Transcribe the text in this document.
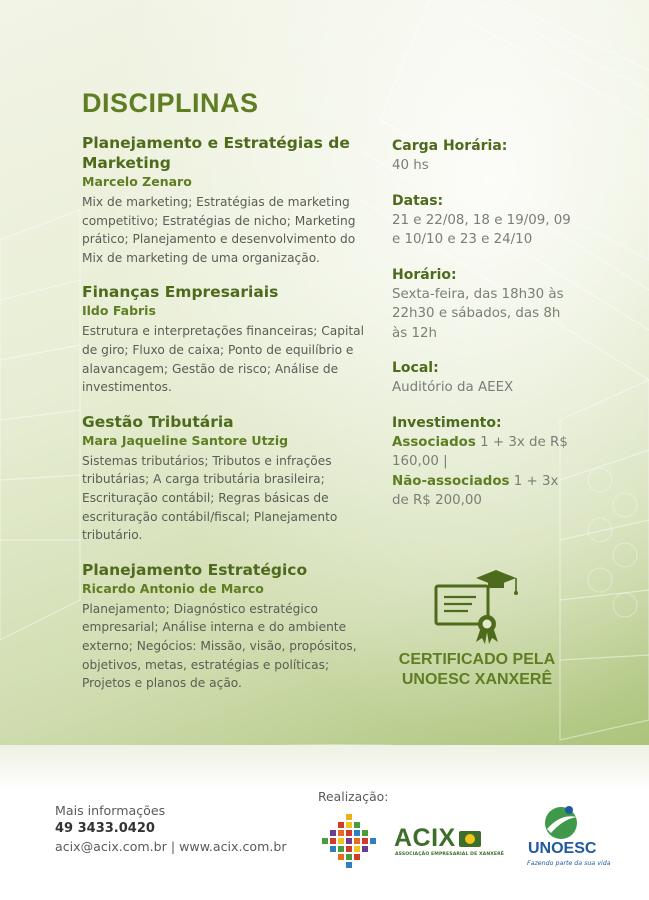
DISCIPLINAS
Planejamento e Estratégias de Marketing
Marcelo Zenaro
Mix de marketing; Estratégias de marketing competitivo; Estratégias de nicho; Marketing prático; Planejamento e desenvolvimento do Mix de marketing de uma organização.
Finanças Empresariais
Ildo Fabris
Estrutura e interpretações financeiras; Capital de giro; Fluxo de caixa; Ponto de equilíbrio e alavancagem; Gestão de risco; Análise de investimentos.
Gestão Tributária
Mara Jaqueline Santore Utzig
Sistemas tributários; Tributos e infrações tributárias; A carga tributária brasileira; Escrituração contábil; Regras básicas de escrituração contábil/fiscal; Planejamento tributário.
Planejamento Estratégico
Ricardo Antonio de Marco
Planejamento; Diagnóstico estratégico empresarial; Análise interna e do ambiente externo; Negócios: Missão, visão, propósitos, objetivos, metas, estratégias e políticas; Projetos e planos de ação.
Carga Horária:
40 hs
Datas:
21 e 22/08, 18 e 19/09, 09 e 10/10 e 23 e 24/10
Horário:
Sexta-feira, das 18h30 às 22h30 e sábados, das 8h às 12h
Local:
Auditório da AEEX
Investimento:
Associados 1 + 3x de R$ 160,00 |
Não-associados 1 + 3x de R$ 200,00
CERTIFICADO PELA
UNOESC XANXERÊ
Mais informações
49 3433.0420
acix@acix.com.br | www.acix.com.br
Realização:
ACIX
ASSOCIAÇÃO EMPRESARIAL DE XANXERÊ UNOESC
Fazendo parte da sua vida
